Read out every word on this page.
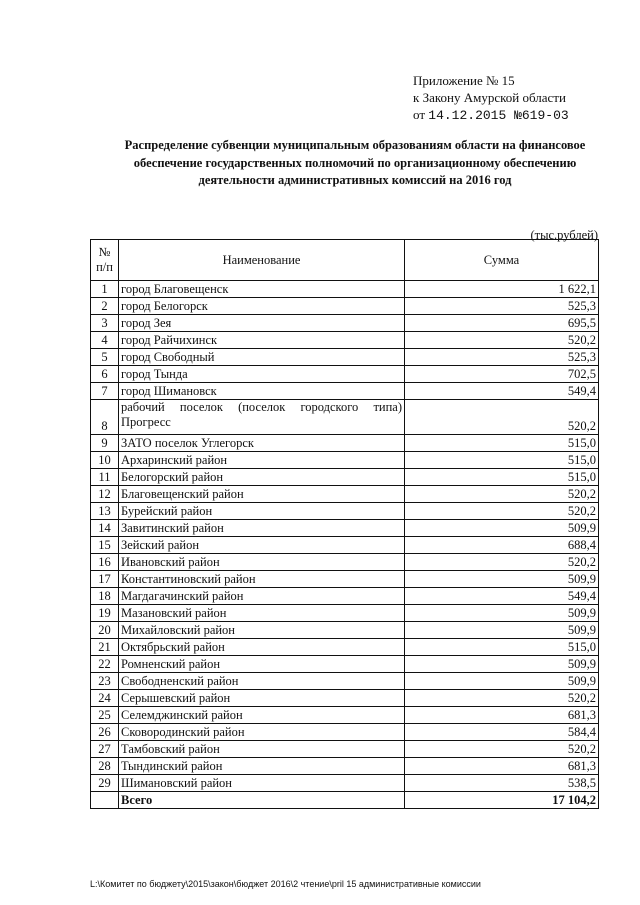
Приложение № 15
к Закону Амурской области
от 14.12.2015 №619-03
Распределение субвенции муниципальным образованиям области на финансовое обеспечение государственных полномочий по организационному обеспечению деятельности административных комиссий на 2016 год
(тыс.рублей)
№ п/п	Наименование	Сумма
1	город Благовещенск	1 622,1
2	город Белогорск	525,3
3	город Зея	695,5
4	город Райчихинск	520,2
5	город Свободный	525,3
6	город Тында	702,5
7	город Шимановск	549,4
8	рабочий поселок (поселок городского типа) Прогресс	520,2
9	ЗАТО поселок Углегорск	515,0
10	Архаринский район	515,0
11	Белогорский район	515,0
12	Благовещенский район	520,2
13	Бурейский район	520,2
14	Завитинский район	509,9
15	Зейский район	688,4
16	Ивановский район	520,2
17	Константиновский район	509,9
18	Магдагачинский район	549,4
19	Мазановский район	509,9
20	Михайловский район	509,9
21	Октябрьский район	515,0
22	Ромненский район	509,9
23	Свободненский район	509,9
24	Серышевский район	520,2
25	Селемджинский район	681,3
26	Сковородинский район	584,4
27	Тамбовский район	520,2
28	Тындинский район	681,3
29	Шимановский район	538,5
	Всего	17 104,2
L:\Комитет по бюджету\2015\закон\бюджет 2016\2 чтение\pril 15 административные комиссии
